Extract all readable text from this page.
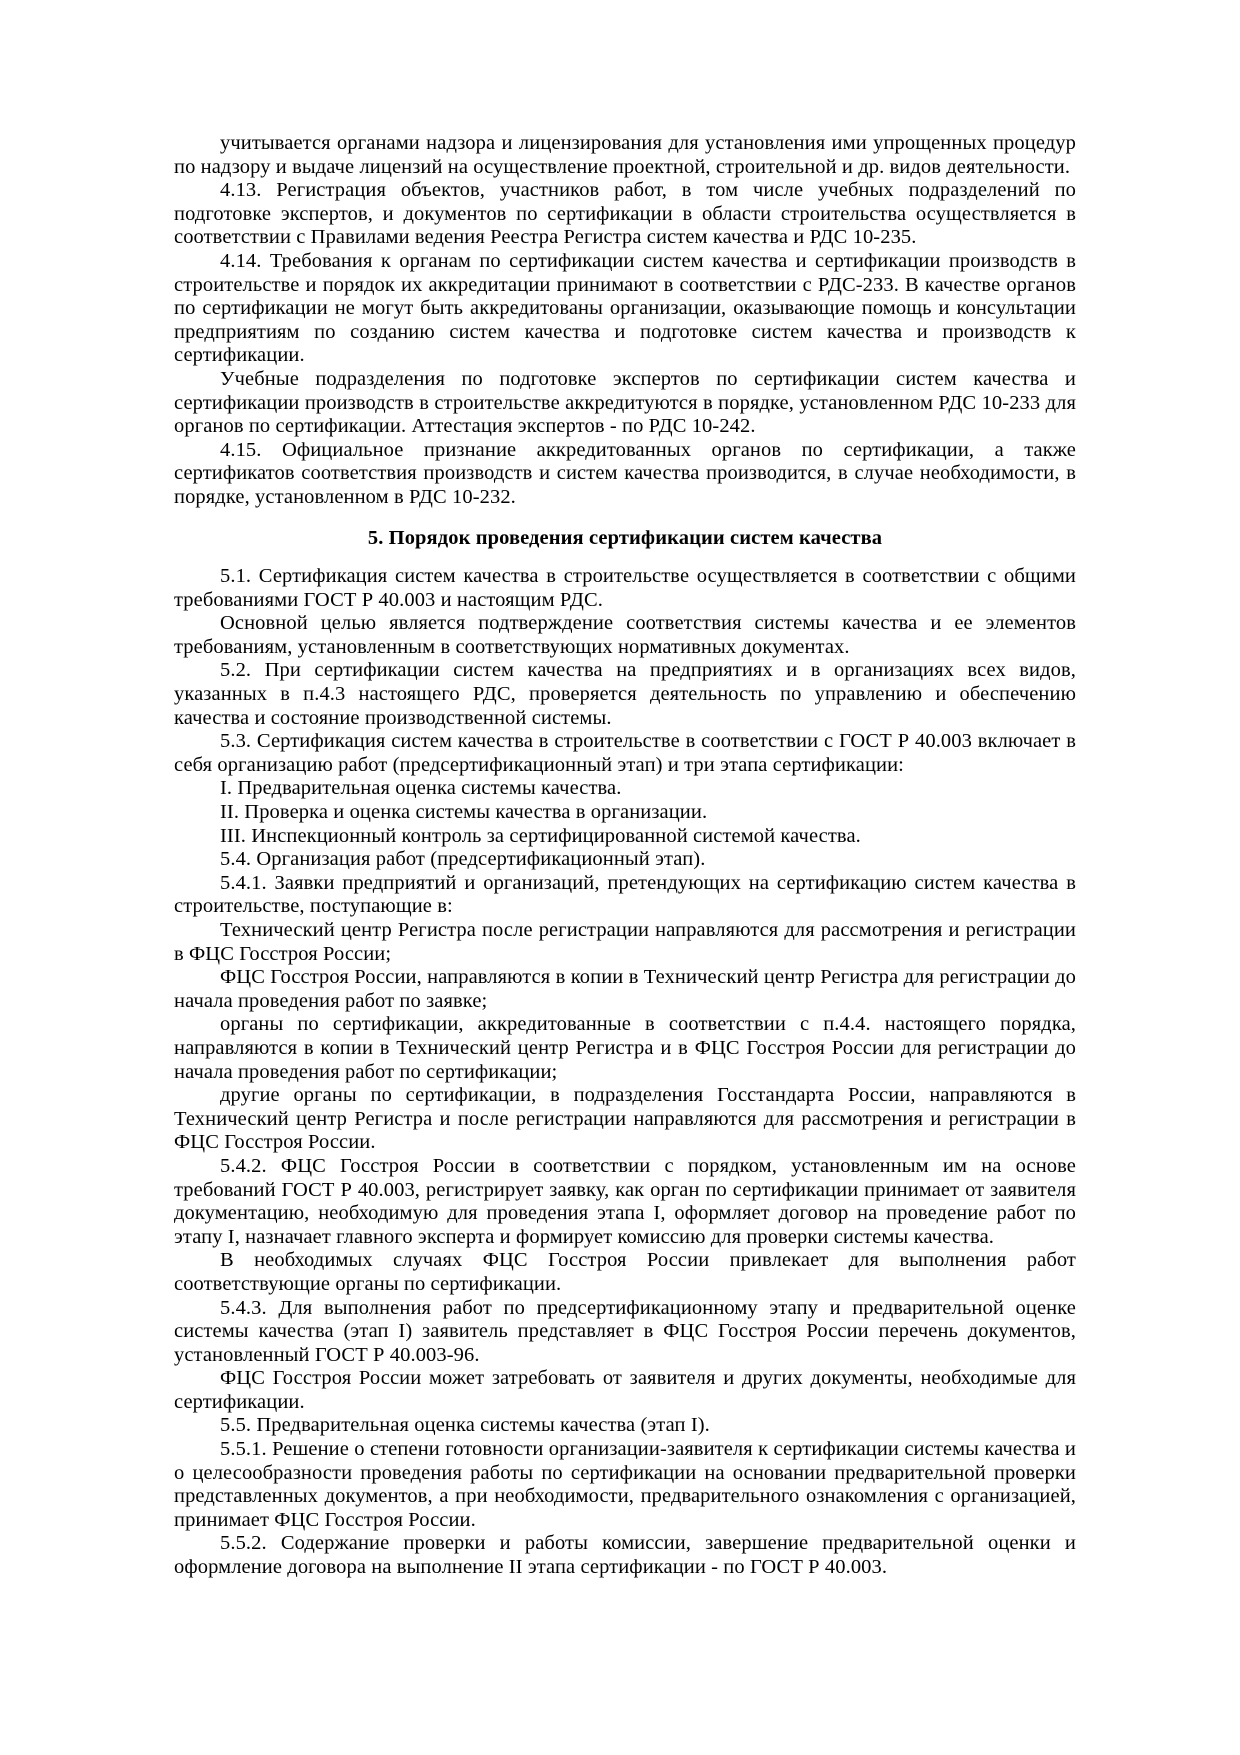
учитывается органами надзора и лицензирования для установления ими упрощенных процедур по надзору и выдаче лицензий на осуществление проектной, строительной и др. видов деятельности.

4.13. Регистрация объектов, участников работ, в том числе учебных подразделений по подготовке экспертов, и документов по сертификации в области строительства осуществляется в соответствии с Правилами ведения Реестра Регистра систем качества и РДС 10-235.

4.14. Требования к органам по сертификации систем качества и сертификации производств в строительстве и порядок их аккредитации принимают в соответствии с РДС-233. В качестве органов по сертификации не могут быть аккредитованы организации, оказывающие помощь и консультации предприятиям по созданию систем качества и подготовке систем качества и производств к сертификации.

Учебные подразделения по подготовке экспертов по сертификации систем качества и сертификации производств в строительстве аккредитуются в порядке, установленном РДС 10-233 для органов по сертификации. Аттестация экспертов - по РДС 10-242.

4.15. Официальное признание аккредитованных органов по сертификации, а также сертификатов соответствия производств и систем качества производится, в случае необходимости, в порядке, установленном в РДС 10-232.

5. Порядок проведения сертификации систем качества

5.1. Сертификация систем качества в строительстве осуществляется в соответствии с общими требованиями ГОСТ Р 40.003 и настоящим РДС.

Основной целью является подтверждение соответствия системы качества и ее элементов требованиям, установленным в соответствующих нормативных документах.

5.2. При сертификации систем качества на предприятиях и в организациях всех видов, указанных в п.4.3 настоящего РДС, проверяется деятельность по управлению и обеспечению качества и состояние производственной системы.

5.3. Сертификация систем качества в строительстве в соответствии с ГОСТ Р 40.003 включает в себя организацию работ (предсертификационный этап) и три этапа сертификации:

I. Предварительная оценка системы качества.

II. Проверка и оценка системы качества в организации.

III. Инспекционный контроль за сертифицированной системой качества.

5.4. Организация работ (предсертификационный этап).

5.4.1. Заявки предприятий и организаций, претендующих на сертификацию систем качества в строительстве, поступающие в:

Технический центр Регистра после регистрации направляются для рассмотрения и регистрации в ФЦС Госстроя России;

ФЦС Госстроя России, направляются в копии в Технический центр Регистра для регистрации до начала проведения работ по заявке;

органы по сертификации, аккредитованные в соответствии с п.4.4. настоящего порядка, направляются в копии в Технический центр Регистра и в ФЦС Госстроя России для регистрации до начала проведения работ по сертификации;

другие органы по сертификации, в подразделения Госстандарта России, направляются в Технический центр Регистра и после регистрации направляются для рассмотрения и регистрации в ФЦС Госстроя России.

5.4.2. ФЦС Госстроя России в соответствии с порядком, установленным им на основе требований ГОСТ Р 40.003, регистрирует заявку, как орган по сертификации принимает от заявителя документацию, необходимую для проведения этапа I, оформляет договор на проведение работ по этапу I, назначает главного эксперта и формирует комиссию для проверки системы качества.

В необходимых случаях ФЦС Госстроя России привлекает для выполнения работ соответствующие органы по сертификации.

5.4.3. Для выполнения работ по предсертификационному этапу и предварительной оценке системы качества (этап I) заявитель представляет в ФЦС Госстроя России перечень документов, установленный ГОСТ Р 40.003-96.

ФЦС Госстроя России может затребовать от заявителя и других документы, необходимые для сертификации.

5.5. Предварительная оценка системы качества (этап I).

5.5.1. Решение о степени готовности организации-заявителя к сертификации системы качества и о целесообразности проведения работы по сертификации на основании предварительной проверки представленных документов, а при необходимости, предварительного ознакомления с организацией, принимает ФЦС Госстроя России.

5.5.2. Содержание проверки и работы комиссии, завершение предварительной оценки и оформление договора на выполнение II этапа сертификации - по ГОСТ Р 40.003.
